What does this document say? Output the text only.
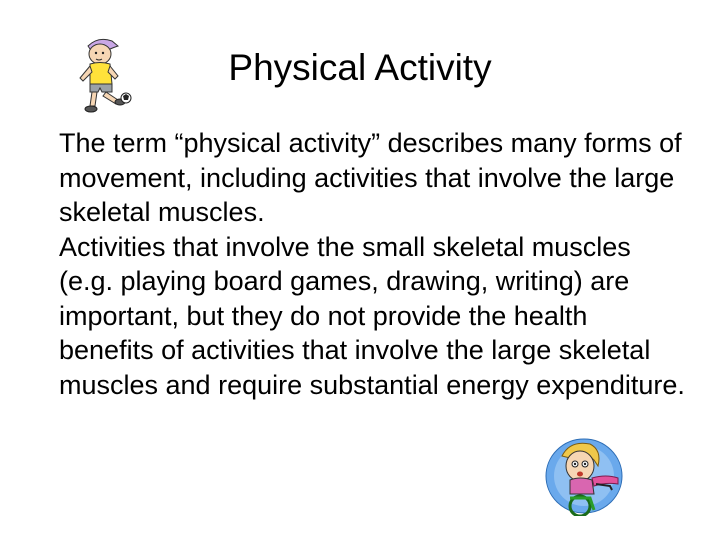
Physical Activity

The term “physical activity” describes many forms of movement, including activities that involve the large skeletal muscles.

Activities that involve the small skeletal muscles (e.g. playing board games, drawing, writing) are important, but they do not provide the health benefits of activities that involve the large skeletal muscles and require substantial energy expenditure.
